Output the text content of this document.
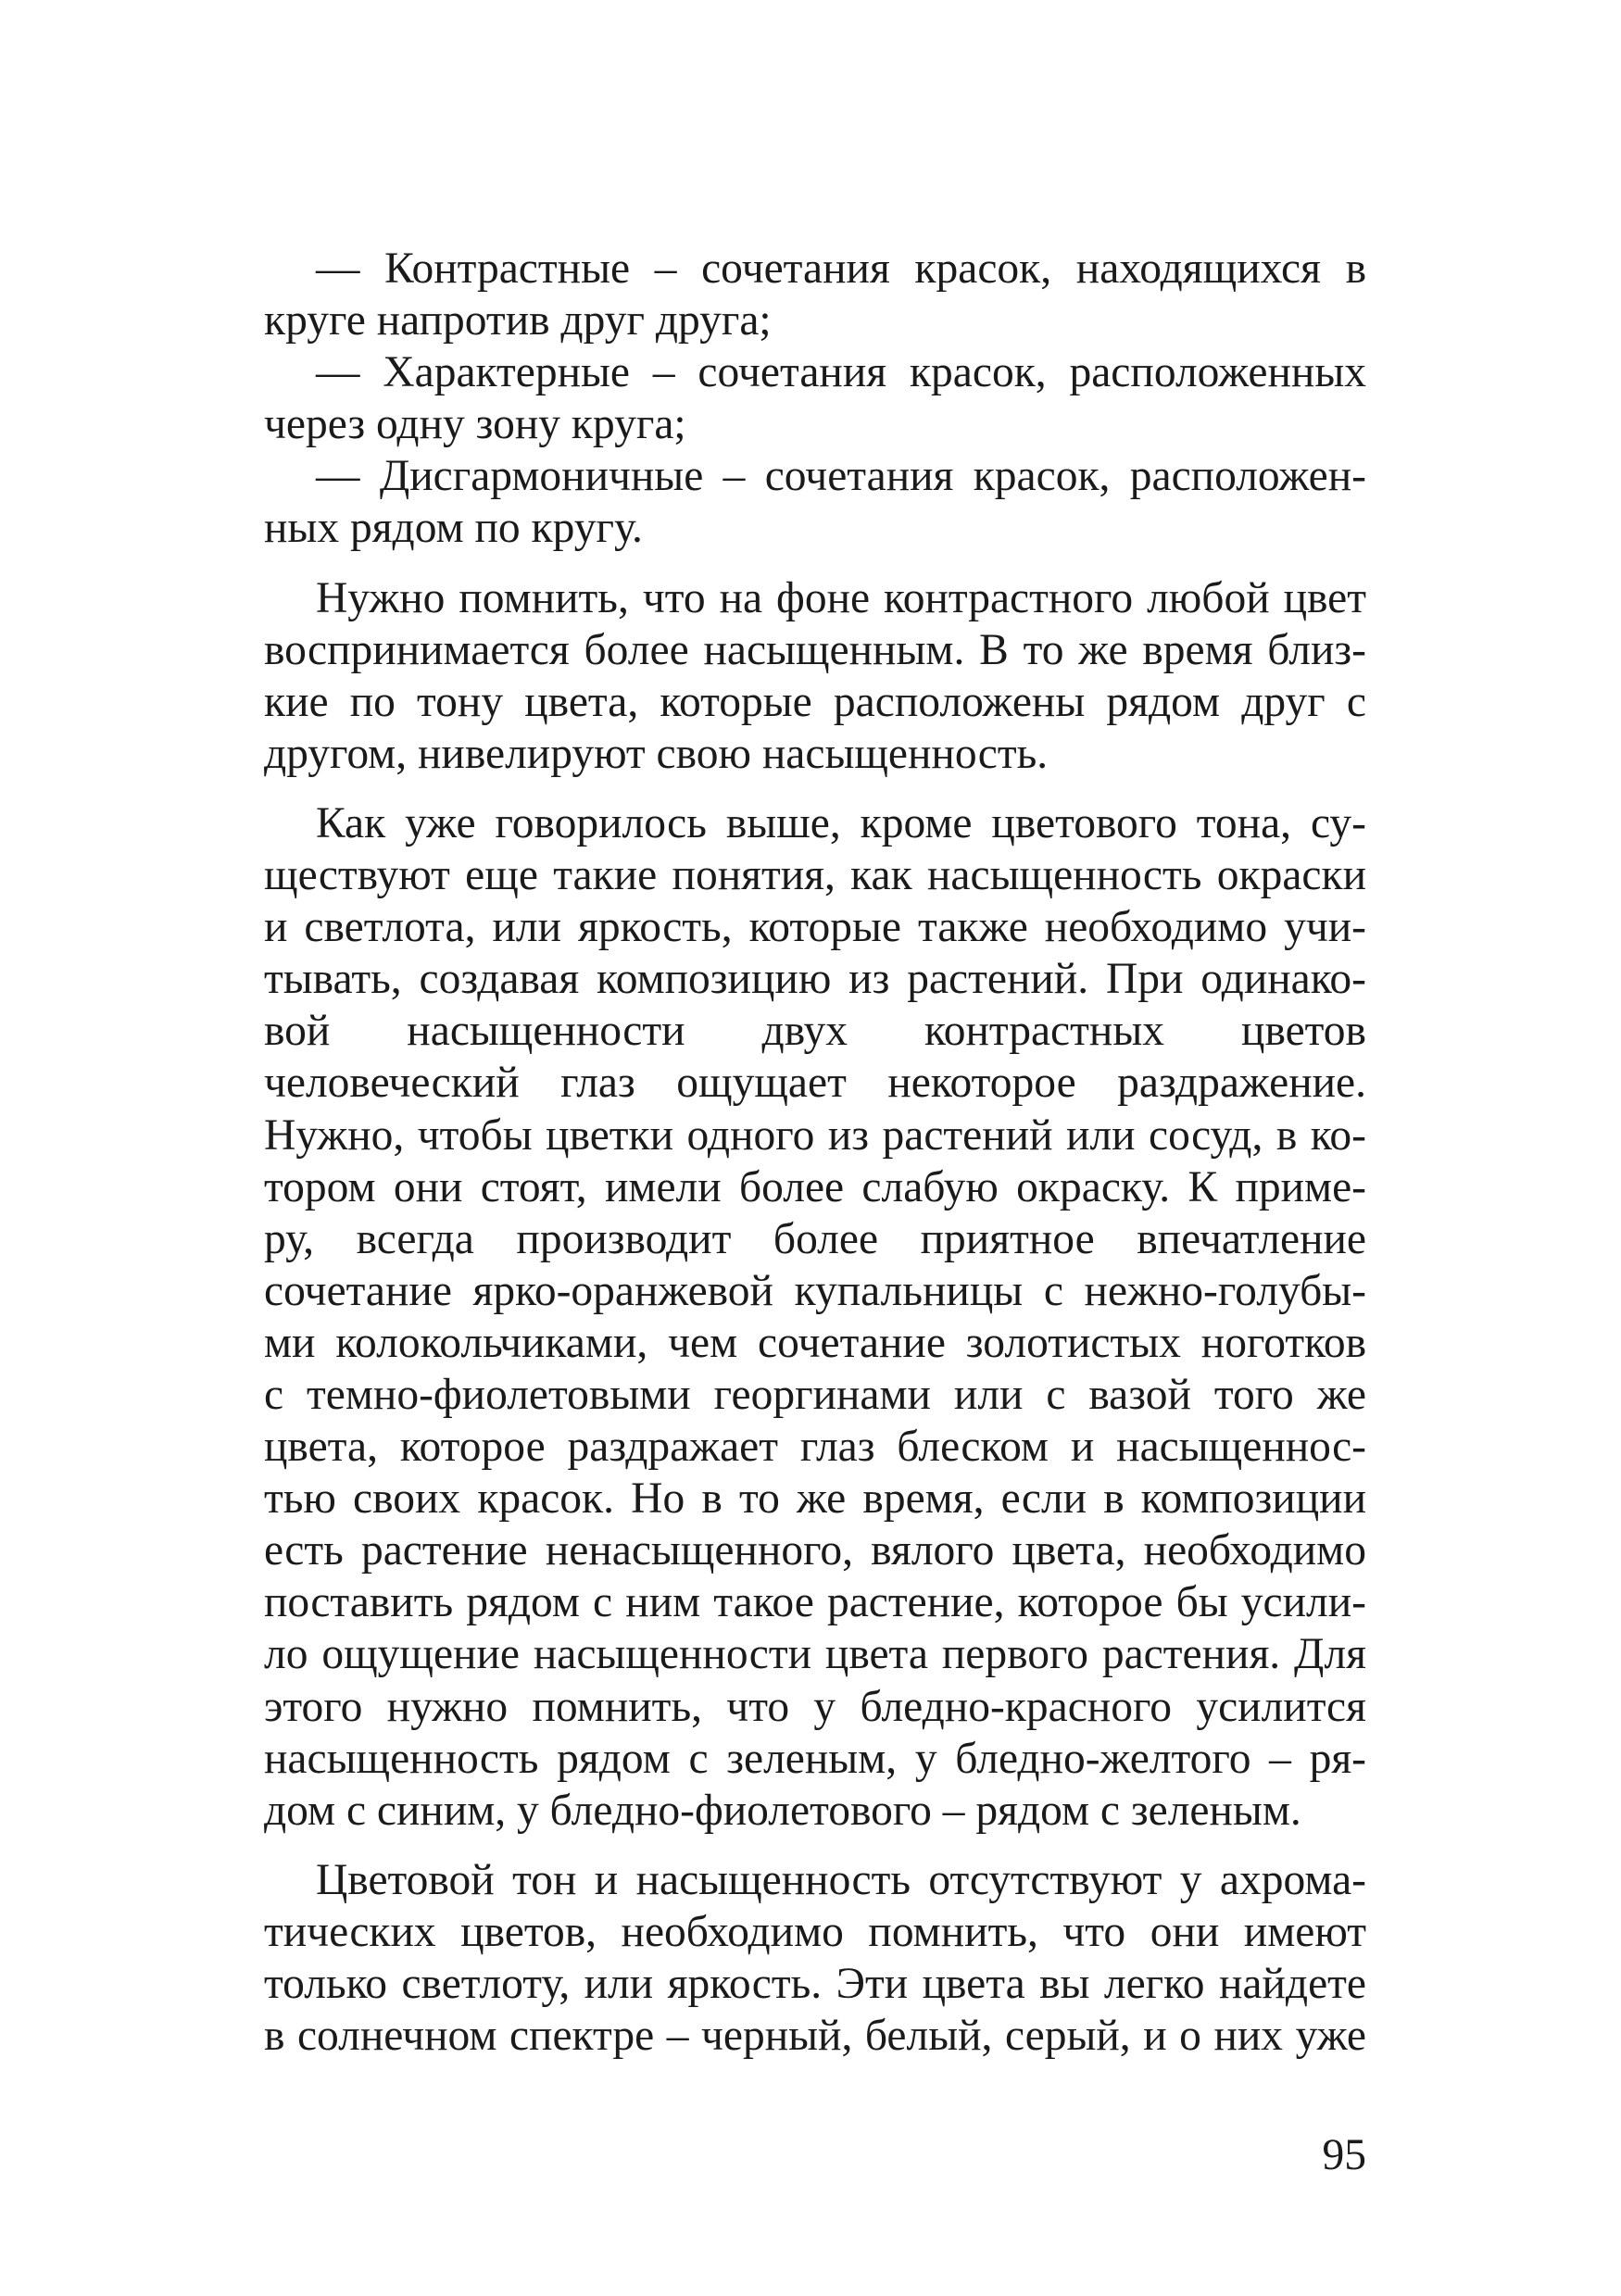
— Контрастные – сочетания красок, находящихся в
круге напротив друг друга;
— Характерные – сочетания красок, расположенных
через одну зону круга;
— Дисгармоничные – сочетания красок, расположен-
ных рядом по кругу.
Нужно помнить, что на фоне контрастного любой цвет
воспринимается более насыщенным. В то же время близ-
кие по тону цвета, которые расположены рядом друг с
другом, нивелируют свою насыщенность.
Как уже говорилось выше, кроме цветового тона, су-
ществуют еще такие понятия, как насыщенность окраски
и светлота, или яркость, которые также необходимо учи-
тывать, создавая композицию из растений. При одинако-
вой насыщенности двух контрастных цветов
человеческий глаз ощущает некоторое раздражение.
Нужно, чтобы цветки одного из растений или сосуд, в ко-
тором они стоят, имели более слабую окраску. К приме-
ру, всегда производит более приятное впечатление
сочетание ярко-оранжевой купальницы с нежно-голубы-
ми колокольчиками, чем сочетание золотистых ноготков
с темно-фиолетовыми георгинами или с вазой того же
цвета, которое раздражает глаз блеском и насыщеннос-
тью своих красок. Но в то же время, если в композиции
есть растение ненасыщенного, вялого цвета, необходимо
поставить рядом с ним такое растение, которое бы усили-
ло ощущение насыщенности цвета первого растения. Для
этого нужно помнить, что у бледно-красного усилится
насыщенность рядом с зеленым, у бледно-желтого – ря-
дом с синим, у бледно-фиолетового – рядом с зеленым.
Цветовой тон и насыщенность отсутствуют у ахрома-
тических цветов, необходимо помнить, что они имеют
только светлоту, или яркость. Эти цвета вы легко найдете
в солнечном спектре – черный, белый, серый, и о них уже
95
